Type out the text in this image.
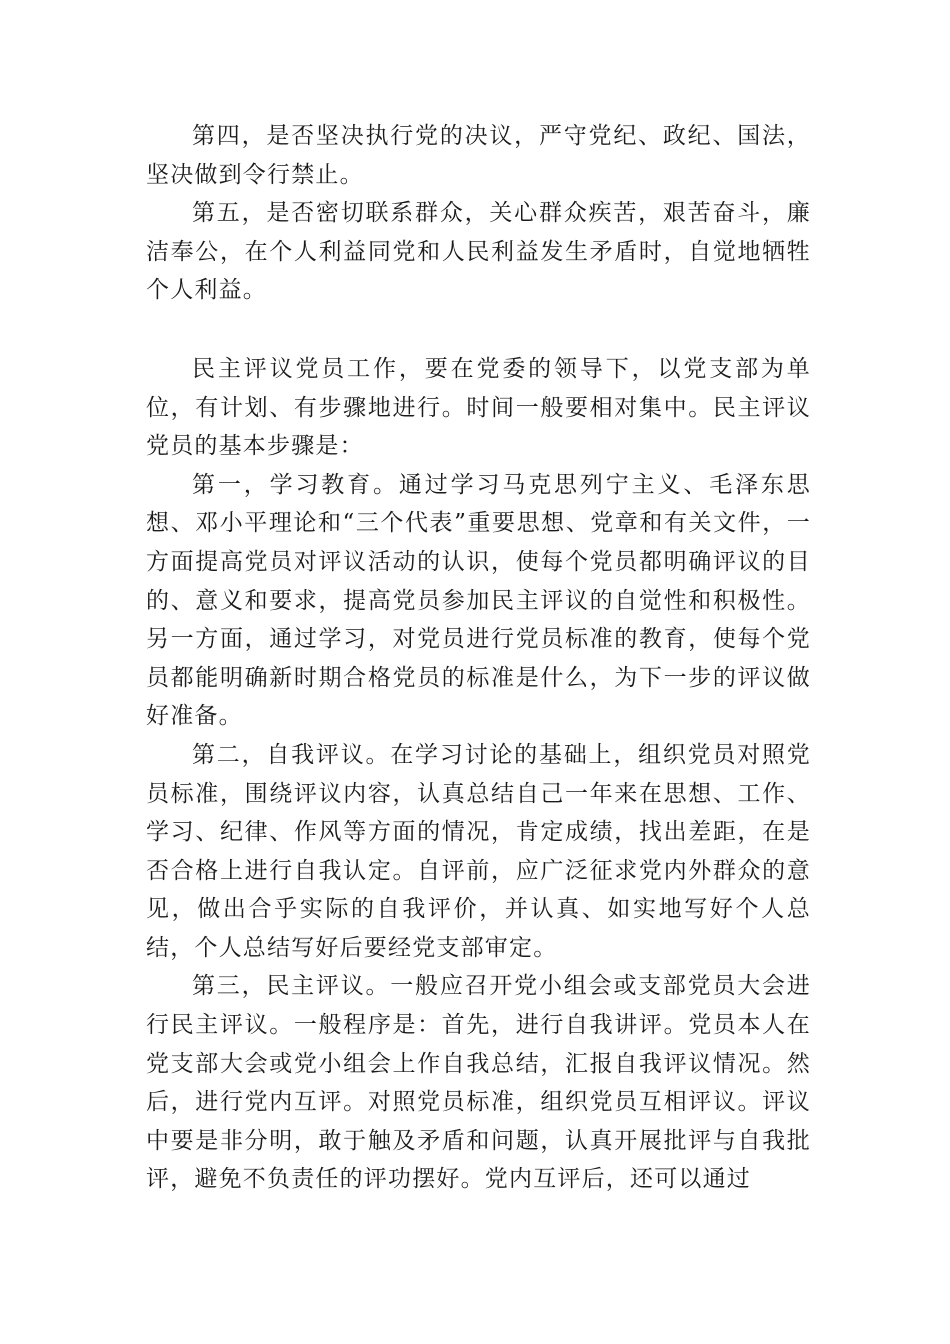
第四，是否坚决执行党的决议，严守党纪、政纪、国法，坚决做到令行禁止。

第五，是否密切联系群众，关心群众疾苦，艰苦奋斗，廉洁奉公，在个人利益同党和人民利益发生矛盾时，自觉地牺牲个人利益。

民主评议党员工作，要在党委的领导下，以党支部为单位，有计划、有步骤地进行。时间一般要相对集中。民主评议党员的基本步骤是：

第一，学习教育。通过学习马克思列宁主义、毛泽东思想、邓小平理论和“三个代表”重要思想、党章和有关文件，一方面提高党员对评议活动的认识，使每个党员都明确评议的目的、意义和要求，提高党员参加民主评议的自觉性和积极性。另一方面，通过学习，对党员进行党员标准的教育，使每个党员都能明确新时期合格党员的标准是什么，为下一步的评议做好准备。

第二，自我评议。在学习讨论的基础上，组织党员对照党员标准，围绕评议内容，认真总结自己一年来在思想、工作、学习、纪律、作风等方面的情况，肯定成绩，找出差距，在是否合格上进行自我认定。自评前，应广泛征求党内外群众的意见，做出合乎实际的自我评价，并认真、如实地写好个人总结，个人总结写好后要经党支部审定。

第三，民主评议。一般应召开党小组会或支部党员大会进行民主评议。一般程序是：首先，进行自我讲评。党员本人在党支部大会或党小组会上作自我总结，汇报自我评议情况。然后，进行党内互评。对照党员标准，组织党员互相评议。评议中要是非分明，敢于触及矛盾和问题，认真开展批评与自我批评，避免不负责任的评功摆好。党内互评后，还可以通过
